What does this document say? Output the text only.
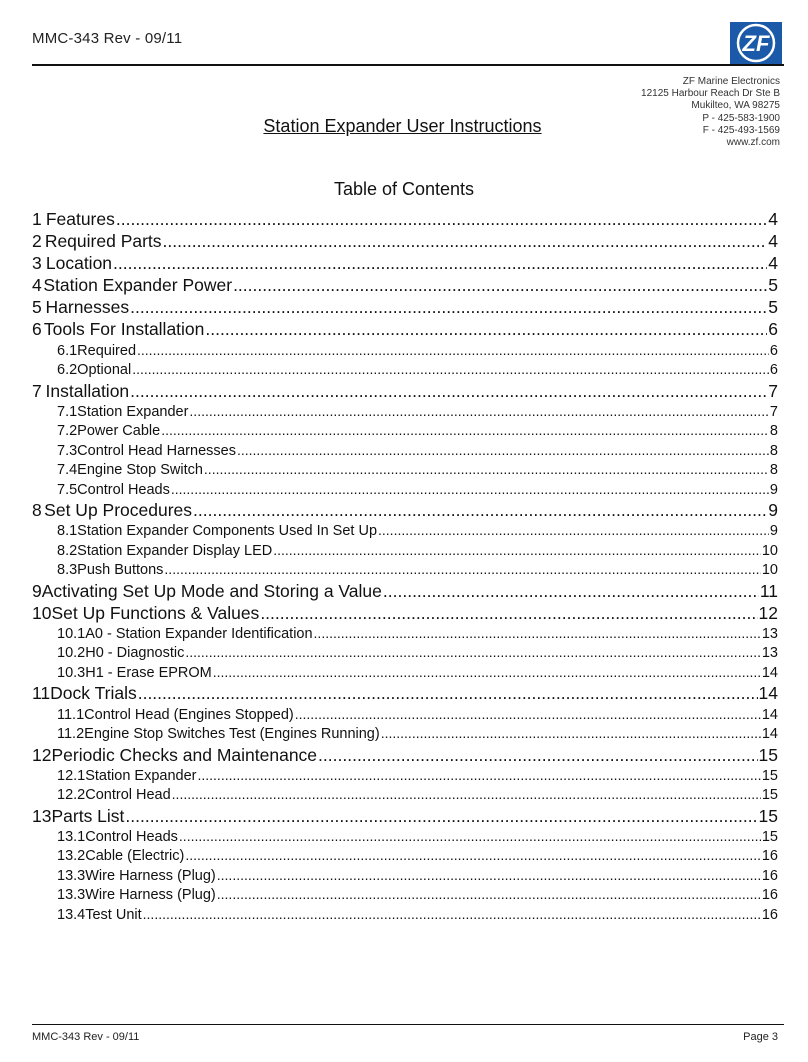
MMC-343 Rev - 09/11	ZF
ZF Marine Electronics
12125 Harbour Reach Dr Ste B
Mukilteo, WA 98275
P - 425-583-1900
F - 425-493-1569
www.zf.com
Station Expander User Instructions
Table of Contents
1 Features .....	4
2 Required Parts .....	4
3 Location .....	4
4 Station Expander Power .....	5
5 Harnesses .....	5
6 Tools For Installation .....	6
6.1 Required .....	6
6.2 Optional .....	6
7 Installation .....	7
7.1 Station Expander .....	7
7.2 Power Cable .....	8
7.3 Control Head Harnesses .....	8
7.4 Engine Stop Switch .....	8
7.5 Control Heads .....	9
8 Set Up Procedures .....	9
8.1 Station Expander Components Used In Set Up .....	9
8.2 Station Expander Display LED .....	10
8.3 Push Buttons .....	10
9 Activating Set Up Mode and Storing a Value .....	11
10 Set Up Functions & Values .....	12
10.1 A0 - Station Expander Identification .....	13
10.2 H0 - Diagnostic .....	13
10.3 H1 - Erase EPROM .....	14
11 Dock Trials .....	14
11.1 Control Head (Engines Stopped) .....	14
11.2 Engine Stop Switches Test (Engines Running) .....	14
12 Periodic Checks and Maintenance .....	15
12.1 Station Expander .....	15
12.2 Control Head .....	15
13 Parts List .....	15
13.1 Control Heads .....	15
13.2 Cable (Electric) .....	16
13.3 Wire Harness (Plug) .....	16
13.3 Wire Harness (Plug) .....	16
13.4 Test Unit .....	16
MMC-343 Rev - 09/11	Page 3
